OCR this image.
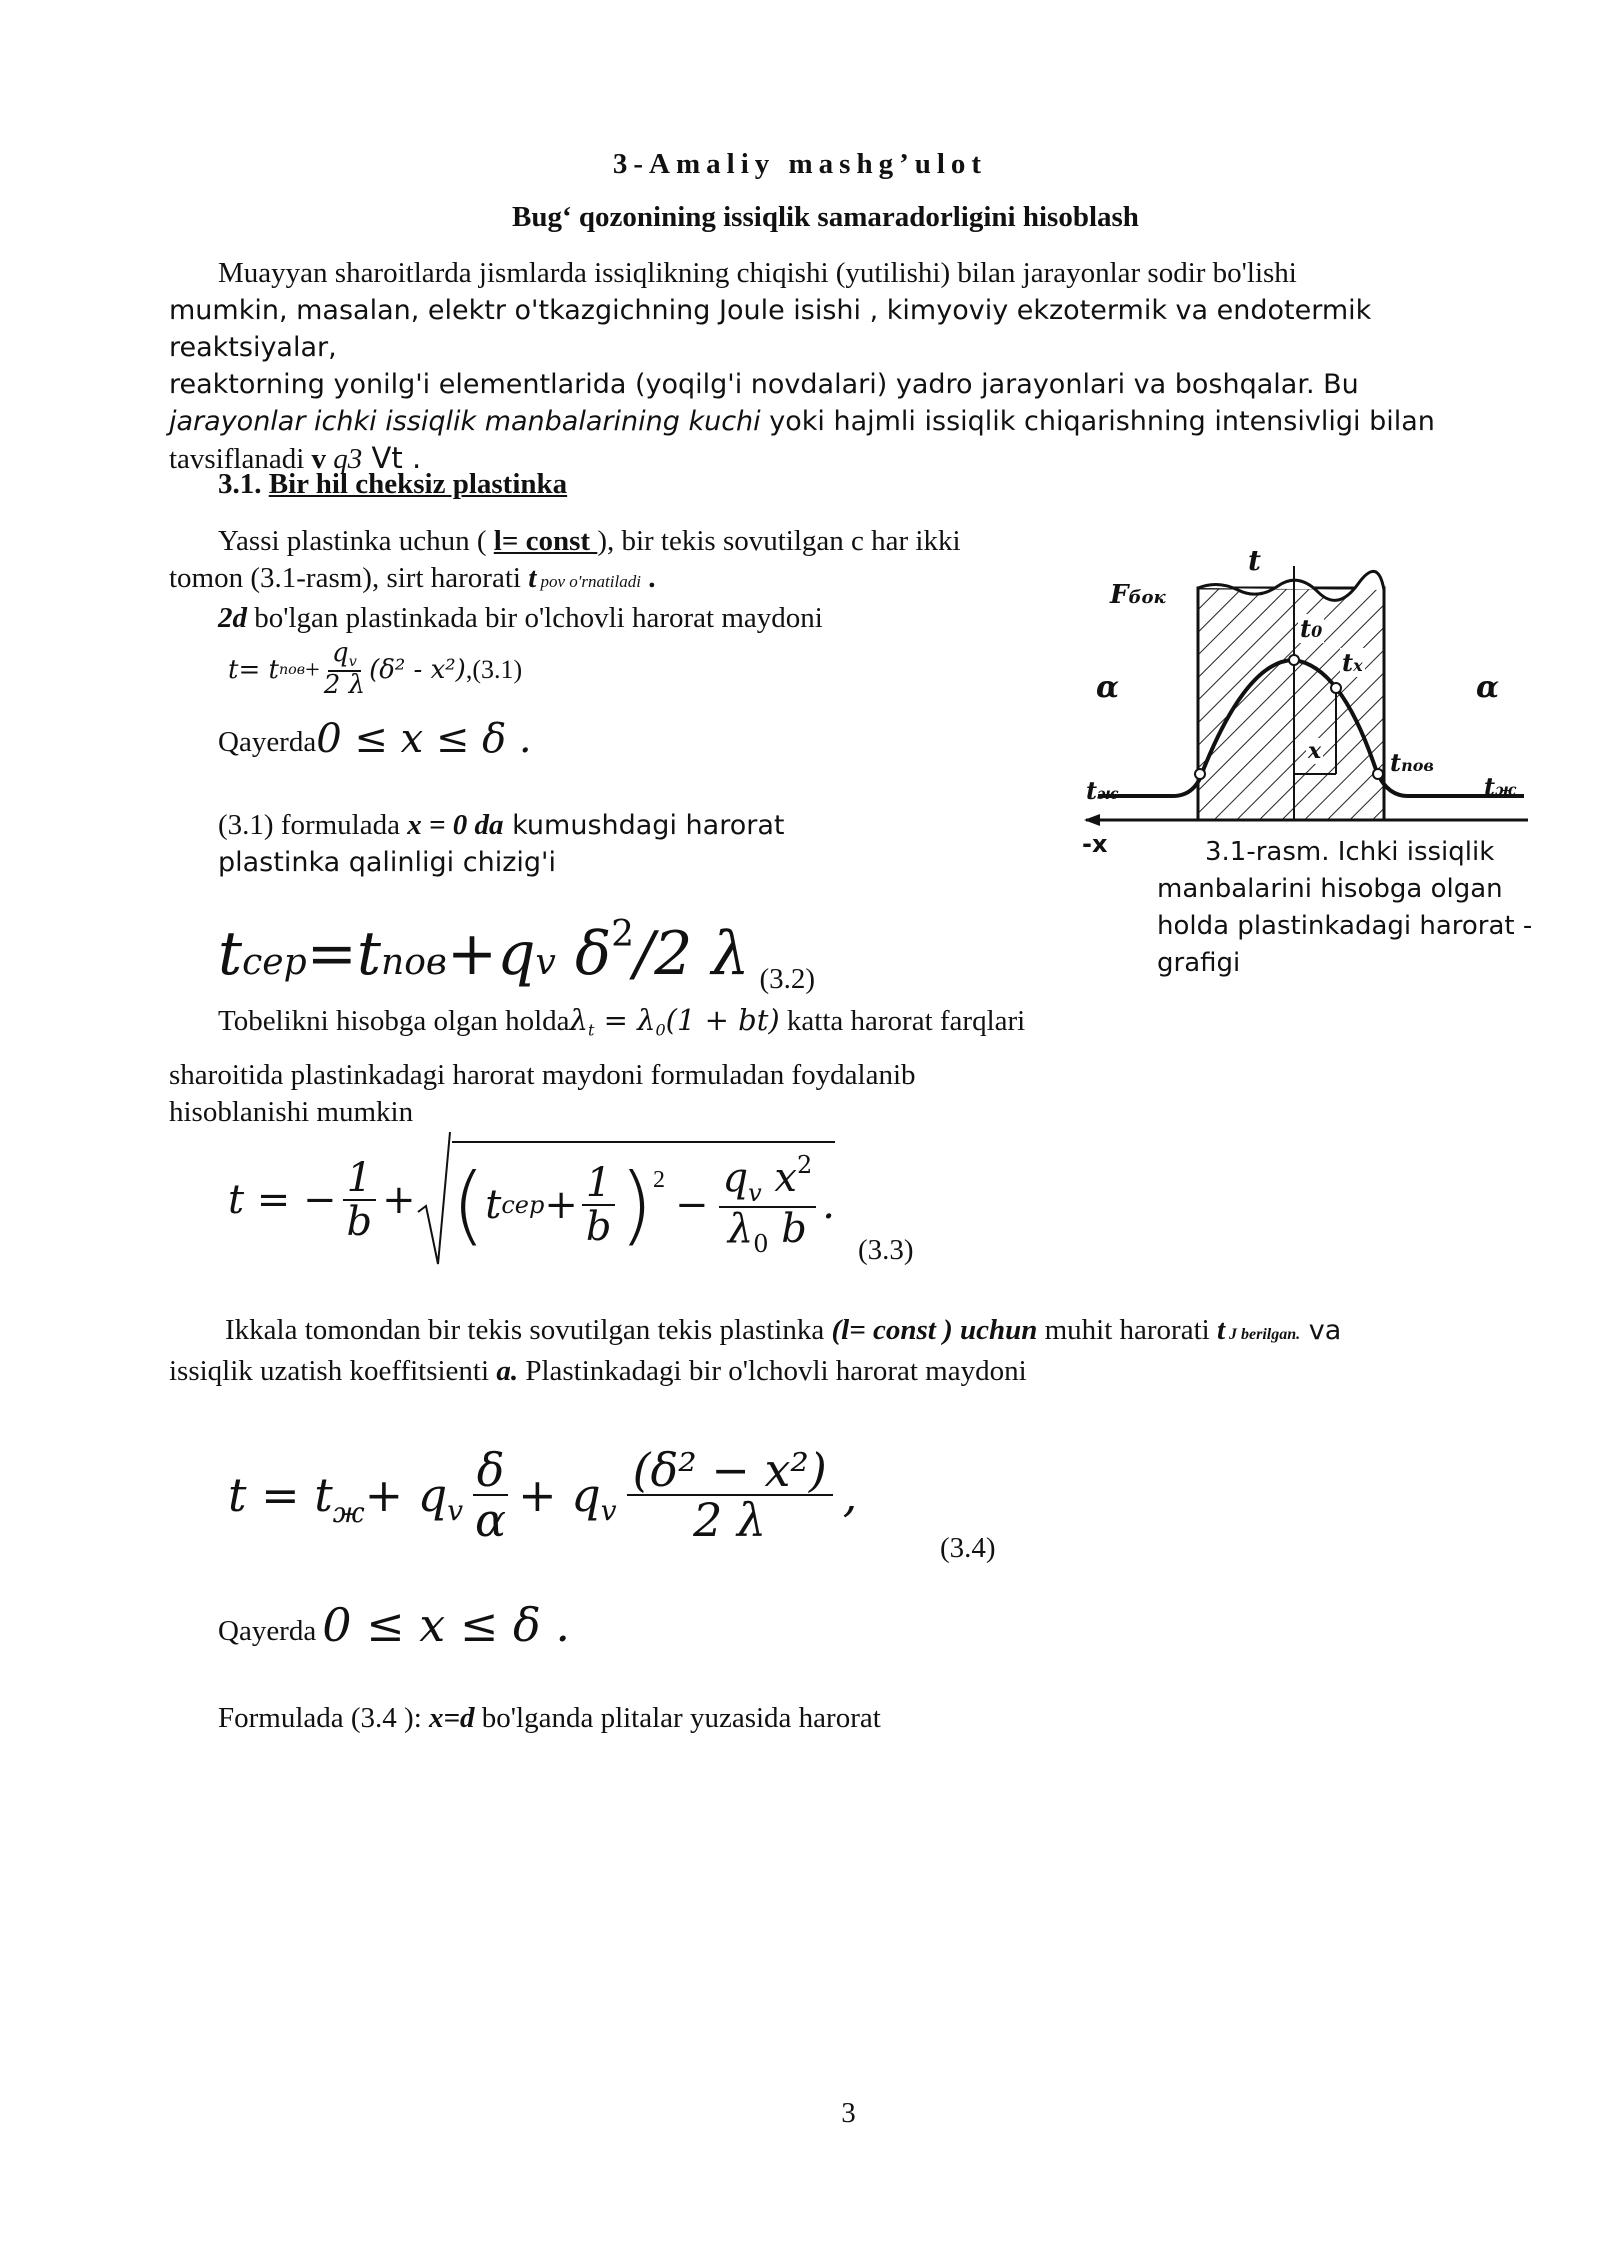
3-Amaliy mashg’ulot
Bug‘ qozonining issiqlik samaradorligini hisoblash
Muayyan sharoitlarda jismlarda issiqlikning chiqishi (yutilishi) bilan jarayonlar sodir bo'lishi
mumkin, masalan, elektr o'tkazgichning Joule isishi , kimyoviy ekzotermik va endotermik reaktsiyalar,
reaktorning yonilg'i elementlarida (yoqilg'i novdalari) yadro jarayonlari va boshqalar. Bu
jarayonlar ichki issiqlik manbalarining kuchi yoki hajmli issiqlik chiqarishning intensivligi bilan
tavsiflanadi v q3 Vt .
3.1. Bir hil cheksiz plastinka
Yassi plastinka uchun ( l= const ), bir tekis sovutilgan c har ikki
tomon (3.1-rasm), sirt harorati t pov o'rnatiladi .
2d bo'lgan plastinkada bir o'lchovli harorat maydoni
t = t пов + $\frac{q_v}{2 \lambda} (\delta^2 - x^2)$ ,(3.1)
Qayerda 0 ≤ x ≤ δ .
(3.1) formulada x = 0 da kumushdagi harorat
plastinka qalinligi chizig'i
tcep=tпов+qv $\delta^2/2$ λ (3.2)
Tobelikni hisobga olgan holdaλ$_t$ = $\lambda_0(1 + bt)$ katta harorat farqlari
sharoitida plastinkadagi harorat maydoni formuladan foydalanib
hisoblanishi mumkin
t = − $\frac{1}{b}$ + ( t cep + $\frac{1}{b}$ ) 2
− $\frac{q_v x^2}{\lambda_0 b}$ .
(3.3)
Ikkala tomondan bir tekis sovutilgan tekis plastinka (l= const ) uchun muhit harorati t J berilgan. va
issiqlik uzatish koeffitsienti a. Plastinkadagi bir o'lchovli harorat maydoni
t = t ж + q v $\frac{\delta}{\alpha} + q$ v $\frac{\text{(δ² − x²)}}{2 \lambda}$ ,
(3.4)
Qayerda 0 ≤ x ≤ δ .
Formulada (3.4 ): x=d bo'lganda plitalar yuzasida harorat
t
Fбок
t0
tx
α	α
x	tпов
tж	tж
-x	3.1-rasm. Ichki issiqlik
manbalarini hisobga olgan
holda plastinkadagi harorat -
grafigi
3
